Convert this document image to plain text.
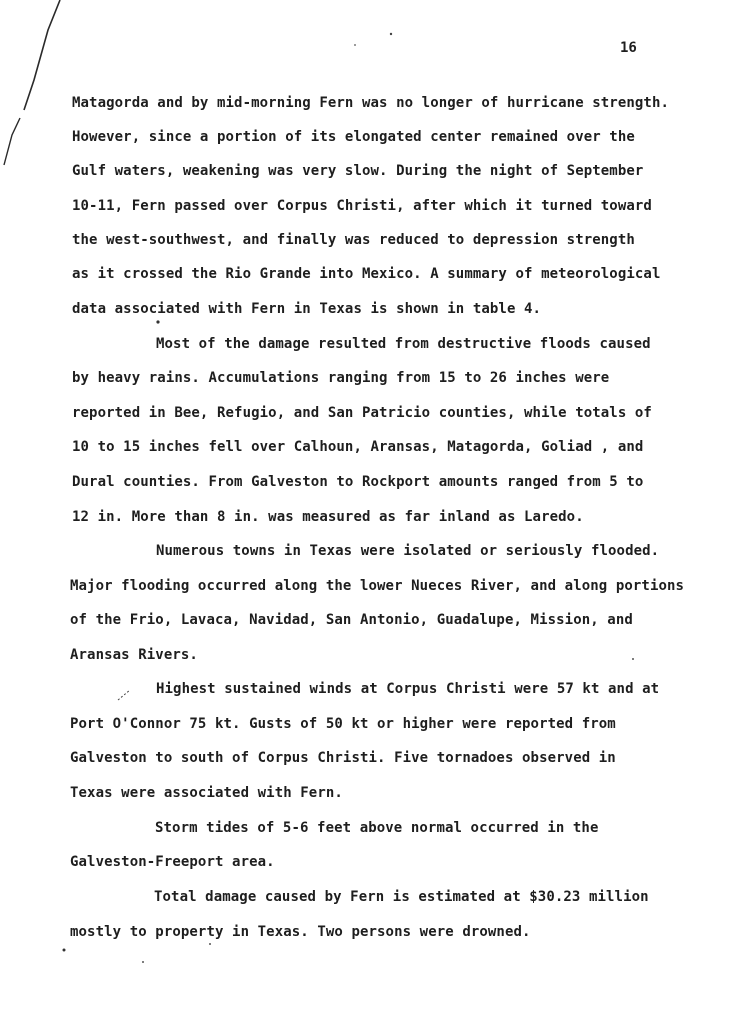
16
Matagorda and by mid-morning Fern was no longer of hurricane strength.
However, since a portion of its elongated center remained over the
Gulf waters, weakening was very slow. During the night of September
10-11, Fern passed over Corpus Christi, after which it turned toward
the west-southwest, and finally was reduced to depression strength
as it crossed the Rio Grande into Mexico. A summary of meteorological
data associated with Fern in Texas is shown in table 4.
Most of the damage resulted from destructive floods caused
by heavy rains. Accumulations ranging from 15 to 26 inches were
reported in Bee, Refugio, and San Patricio counties, while totals of
10 to 15 inches fell over Calhoun, Aransas, Matagorda, Goliad , and
Dural counties. From Galveston to Rockport amounts ranged from 5 to
12 in. More than 8 in. was measured as far inland as Laredo.
Numerous towns in Texas were isolated or seriously flooded.
Major flooding occurred along the lower Nueces River, and along portions
of the Frio, Lavaca, Navidad, San Antonio, Guadalupe, Mission, and
Aransas Rivers.
Highest sustained winds at Corpus Christi were 57 kt and at
Port O'Connor 75 kt. Gusts of 50 kt or higher were reported from
Galveston to south of Corpus Christi. Five tornadoes observed in
Texas were associated with Fern.
Storm tides of 5-6 feet above normal occurred in the
Galveston-Freeport area.
Total damage caused by Fern is estimated at $30.23 million
mostly to property in Texas. Two persons were drowned.
